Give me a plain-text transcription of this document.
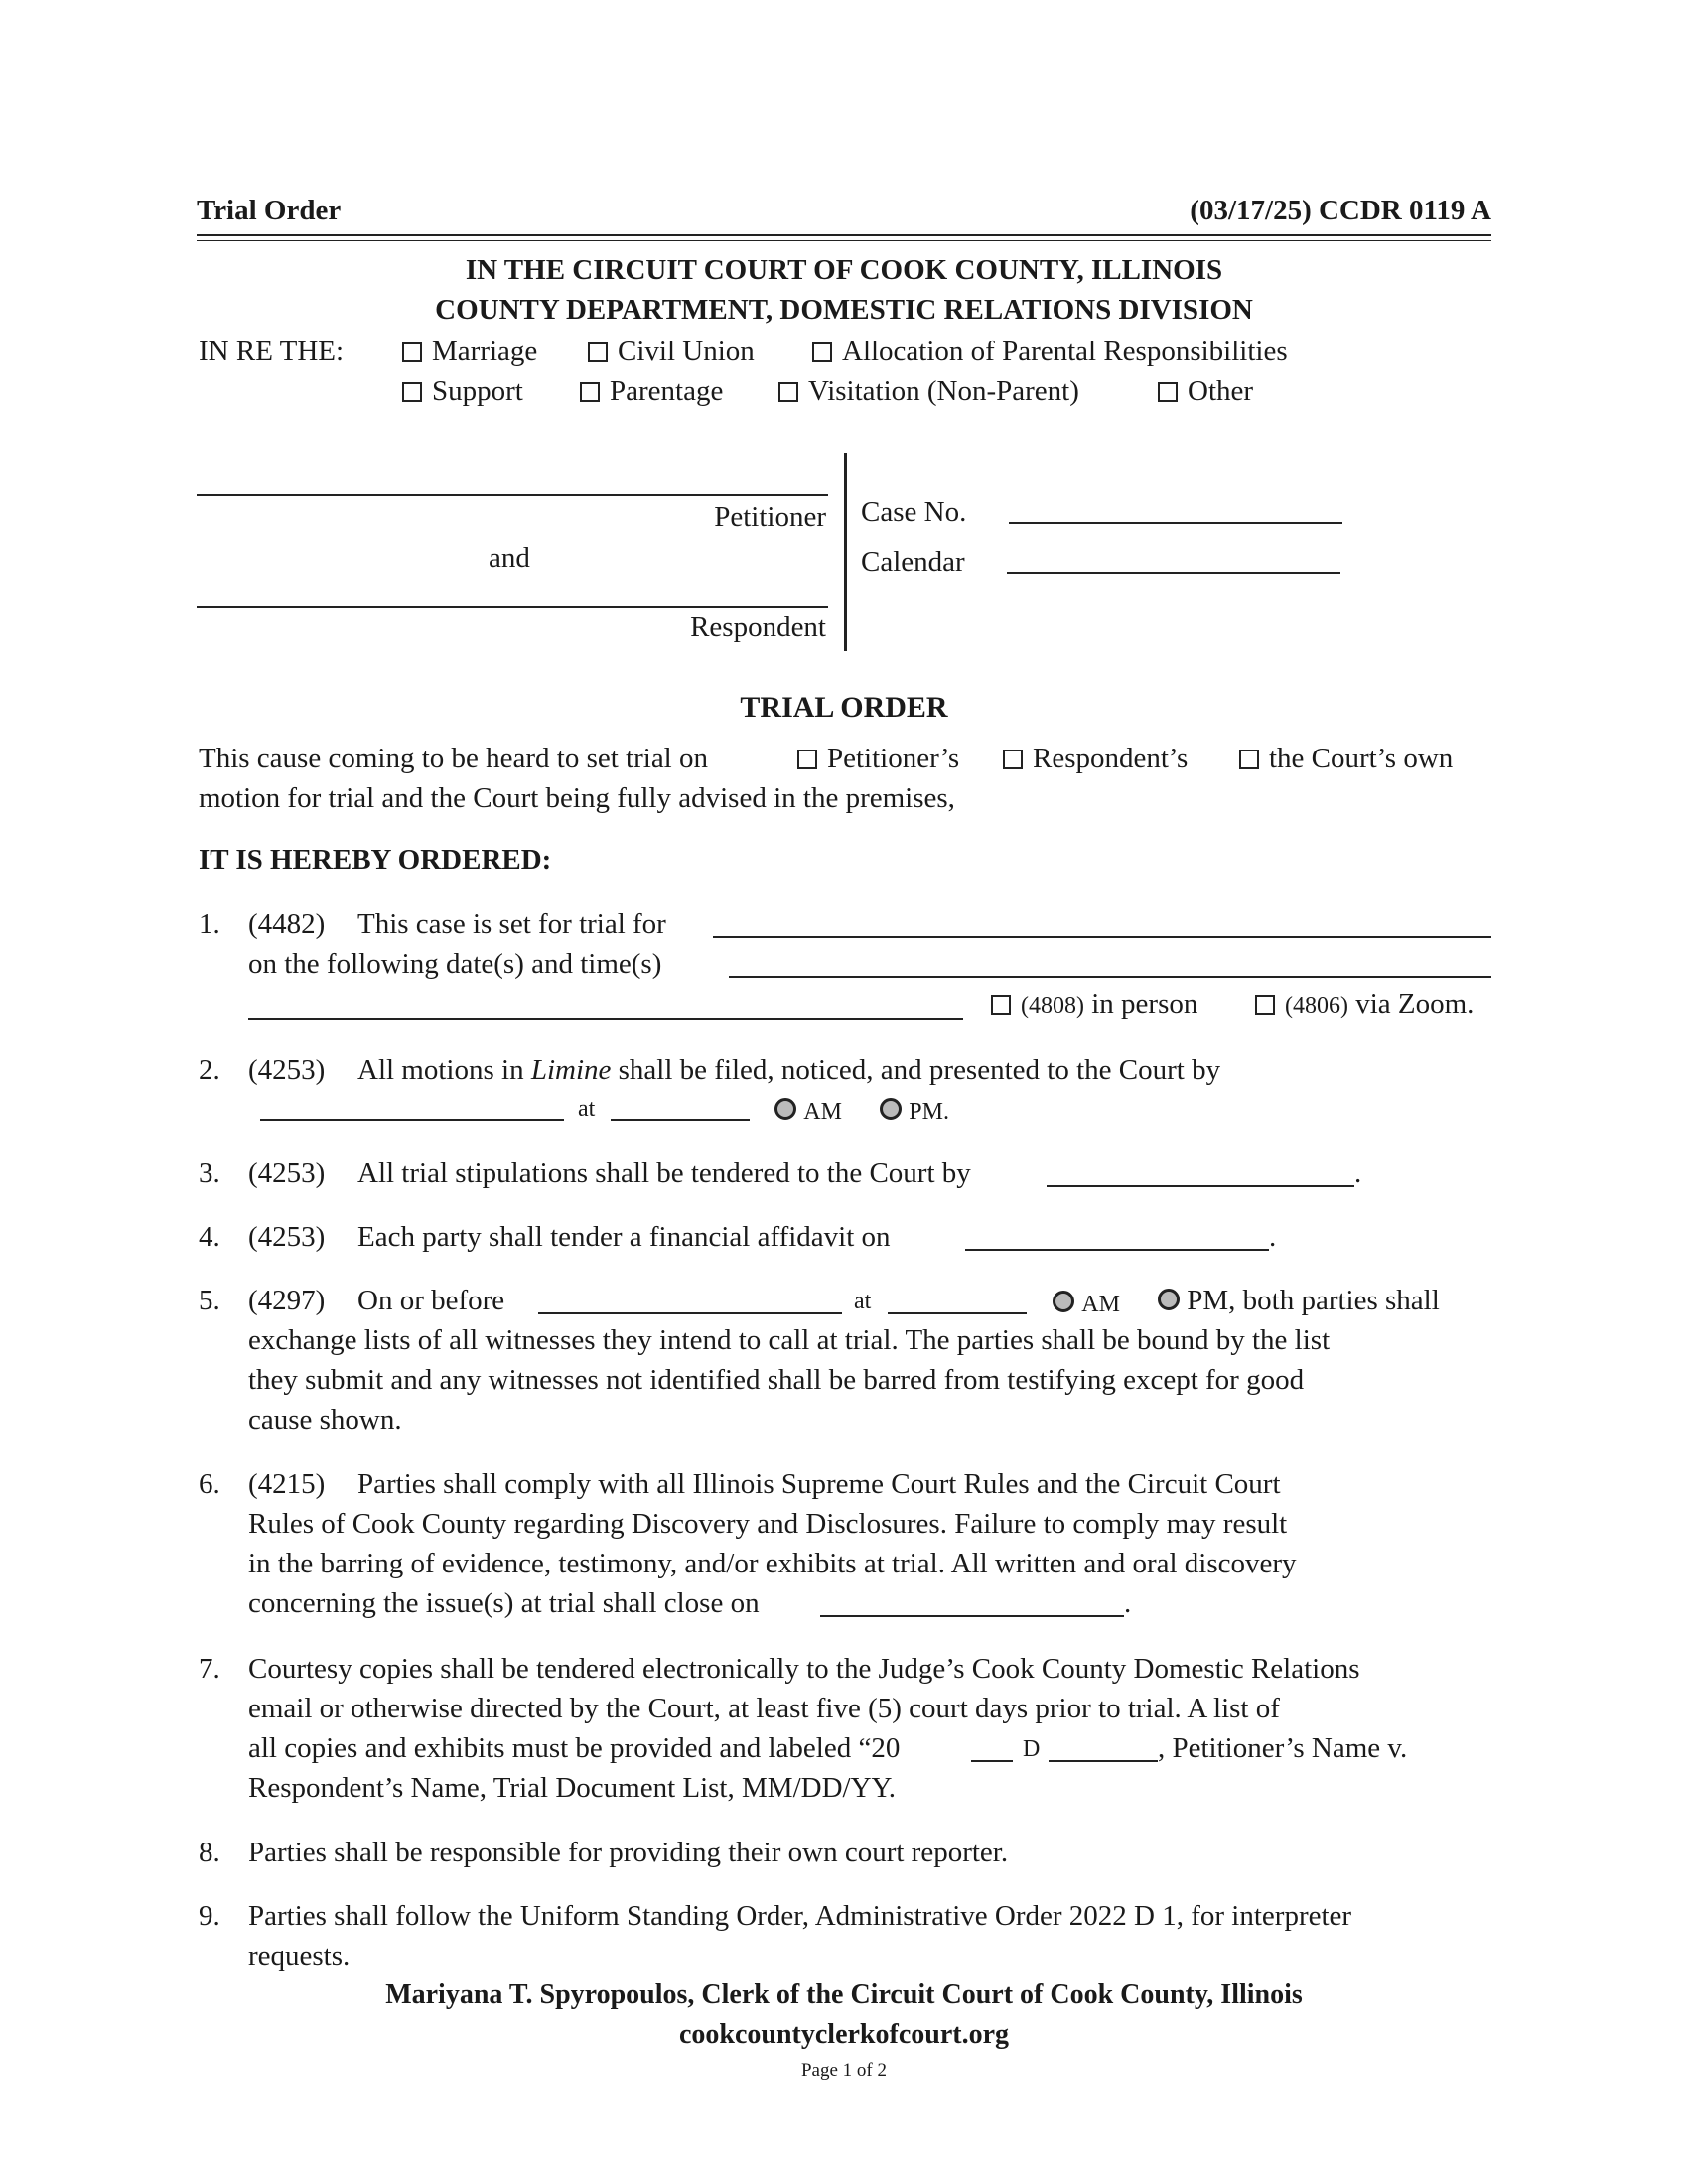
Trial Order	(03/17/25) CCDR 0119 A
IN THE CIRCUIT COURT OF COOK COUNTY, ILLINOIS
COUNTY DEPARTMENT, DOMESTIC RELATIONS DIVISION
IN RE THE:	Marriage	Civil Union	Allocation of Parental Responsibilities
Support	Parentage	Visitation (Non-Parent)	Other
Petitioner
and
Respondent
Case No.
Calendar
TRIAL ORDER
This cause coming to be heard to set trial on	Petitioner’s	Respondent’s	the Court’s own
motion for trial and the Court being fully advised in the premises,
IT IS HEREBY ORDERED:
1. (4482) This case is set for trial for
on the following date(s) and time(s)
(4808) in person	(4806) via Zoom.
2. (4253) All motions in Limine shall be filed, noticed, and presented to the Court by
at	AM	PM.
3. (4253) All trial stipulations shall be tendered to the Court by	.
4. (4253) Each party shall tender a financial affidavit on	.
5. (4297) On or before	at	AM	PM, both parties shall
exchange lists of all witnesses they intend to call at trial. The parties shall be bound by the list
they submit and any witnesses not identified shall be barred from testifying except for good
cause shown.
6. (4215) Parties shall comply with all Illinois Supreme Court Rules and the Circuit Court
Rules of Cook County regarding Discovery and Disclosures. Failure to comply may result
in the barring of evidence, testimony, and/or exhibits at trial. All written and oral discovery
concerning the issue(s) at trial shall close on	.
7. Courtesy copies shall be tendered electronically to the Judge’s Cook County Domestic Relations
email or otherwise directed by the Court, at least five (5) court days prior to trial. A list of
all copies and exhibits must be provided and labeled “20	D	, Petitioner’s Name v.
Respondent’s Name, Trial Document List, MM/DD/YY.
8. Parties shall be responsible for providing their own court reporter.
9. Parties shall follow the Uniform Standing Order, Administrative Order 2022 D 1, for interpreter
requests.
Mariyana T. Spyropoulos, Clerk of the Circuit Court of Cook County, Illinois
cookcountyclerkofcourt.org
Page 1 of 2
